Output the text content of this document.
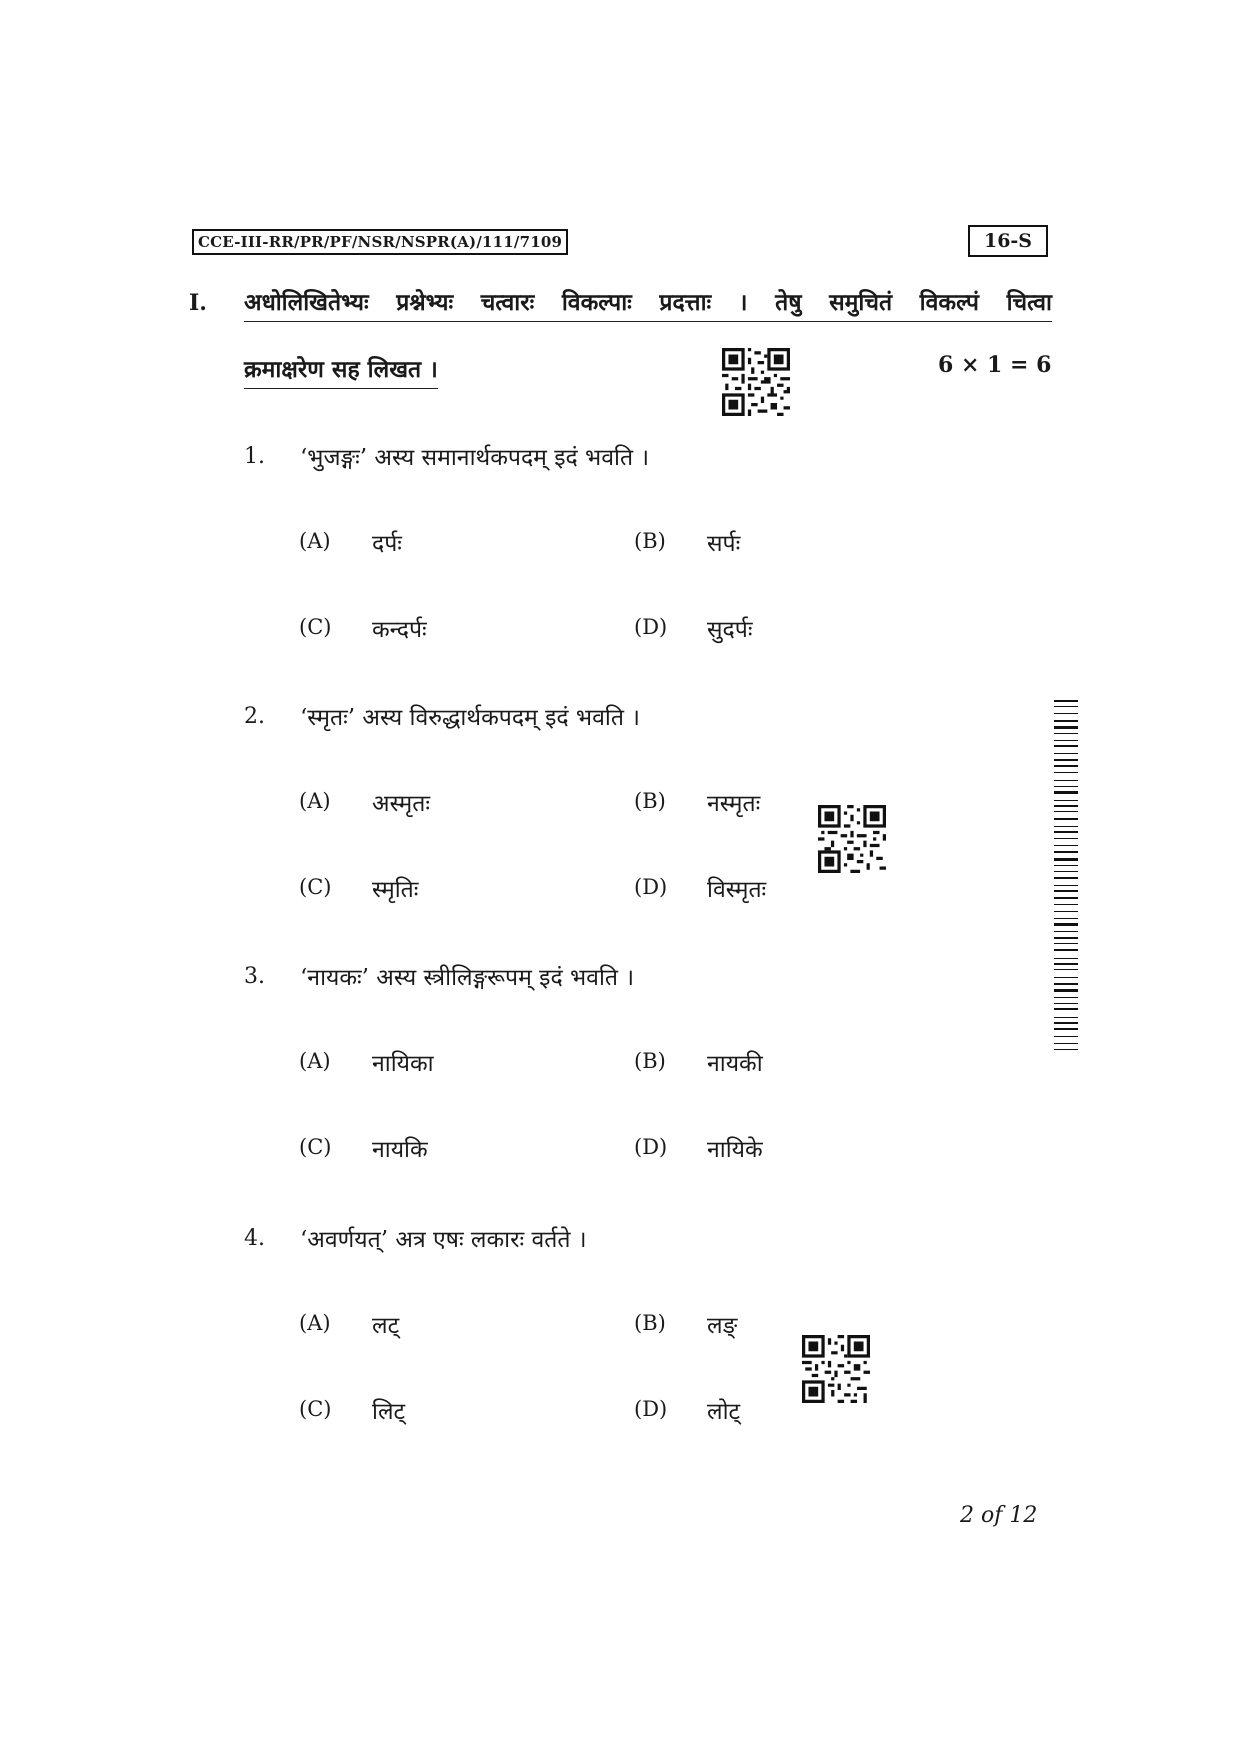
CCE-III-RR/PR/PF/NSR/NSPR(A)/111/7109	16-S
I. अधोलिखितेभ्यः प्रश्नेभ्यः चत्वारः विकल्पाः प्रदत्ताः । तेषु समुचितं विकल्पं चित्वा
क्रमाक्षरेण सह लिखत ।	6 × 1 = 6
1. ‘भुजङ्गः’ अस्य समानार्थकपदम् इदं भवति ।
(A) दर्पः	(B) सर्पः
(C) कन्दर्पः	(D) सुदर्पः
2. ‘स्मृतः’ अस्य विरुद्धार्थकपदम् इदं भवति ।
(A) अस्मृतः	(B) नस्मृतः
(C) स्मृतिः	(D) विस्मृतः
3. ‘नायकः’ अस्य स्त्रीलिङ्गरूपम् इदं भवति ।
(A) नायिका	(B) नायकी
(C) नायकि	(D) नायिके
4. ‘अवर्णयत्’ अत्र एषः लकारः वर्तते ।
(A) लट्	(B) लङ्
(C) लिट्	(D) लोट्
2 of 12
